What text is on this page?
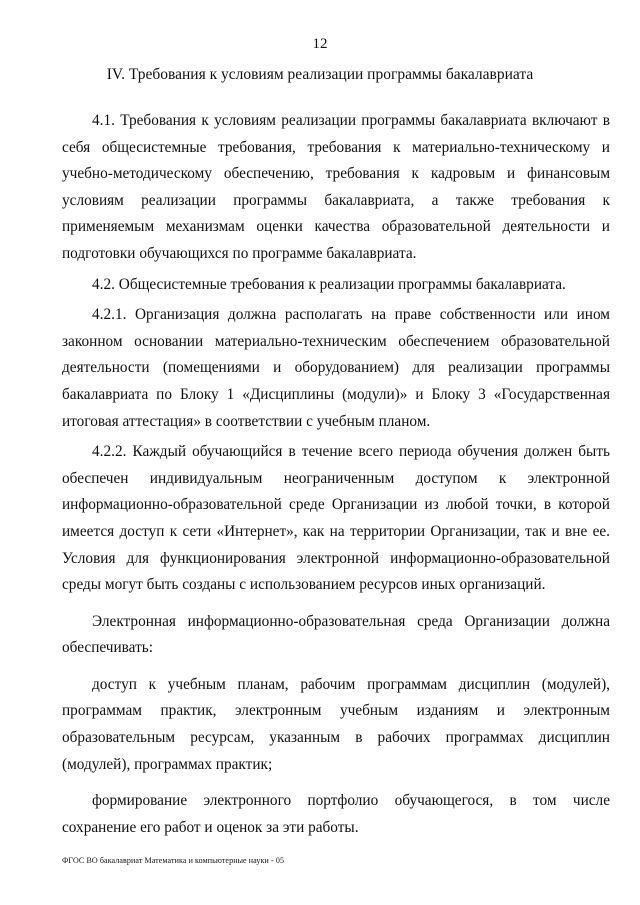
12
IV. Требования к условиям реализации программы бакалавриата

4.1. Требования к условиям реализации программы бакалавриата включают в себя общесистемные требования, требования к материально-техническому и учебно-методическому обеспечению, требования к кадровым и финансовым условиям реализации программы бакалавриата, а также требования к применяемым механизмам оценки качества образовательной деятельности и подготовки обучающихся по программе бакалавриата.

4.2. Общесистемные требования к реализации программы бакалавриата.

4.2.1. Организация должна располагать на праве собственности или ином законном основании материально-техническим обеспечением образовательной деятельности (помещениями и оборудованием) для реализации программы бакалавриата по Блоку 1 «Дисциплины (модули)» и Блоку 3 «Государственная итоговая аттестация» в соответствии с учебным планом.

4.2.2. Каждый обучающийся в течение всего периода обучения должен быть обеспечен индивидуальным неограниченным доступом к электронной информационно-образовательной среде Организации из любой точки, в которой имеется доступ к сети «Интернет», как на территории Организации, так и вне ее. Условия для функционирования электронной информационно-образовательной среды могут быть созданы с использованием ресурсов иных организаций.

Электронная информационно-образовательная среда Организации должна обеспечивать:

доступ к учебным планам, рабочим программам дисциплин (модулей), программам практик, электронным учебным изданиям и электронным образовательным ресурсам, указанным в рабочих программах дисциплин (модулей), программах практик;

формирование электронного портфолио обучающегося, в том числе сохранение его работ и оценок за эти работы.

ФГОС ВО бакалавриат Математика и компьютерные науки - 05
